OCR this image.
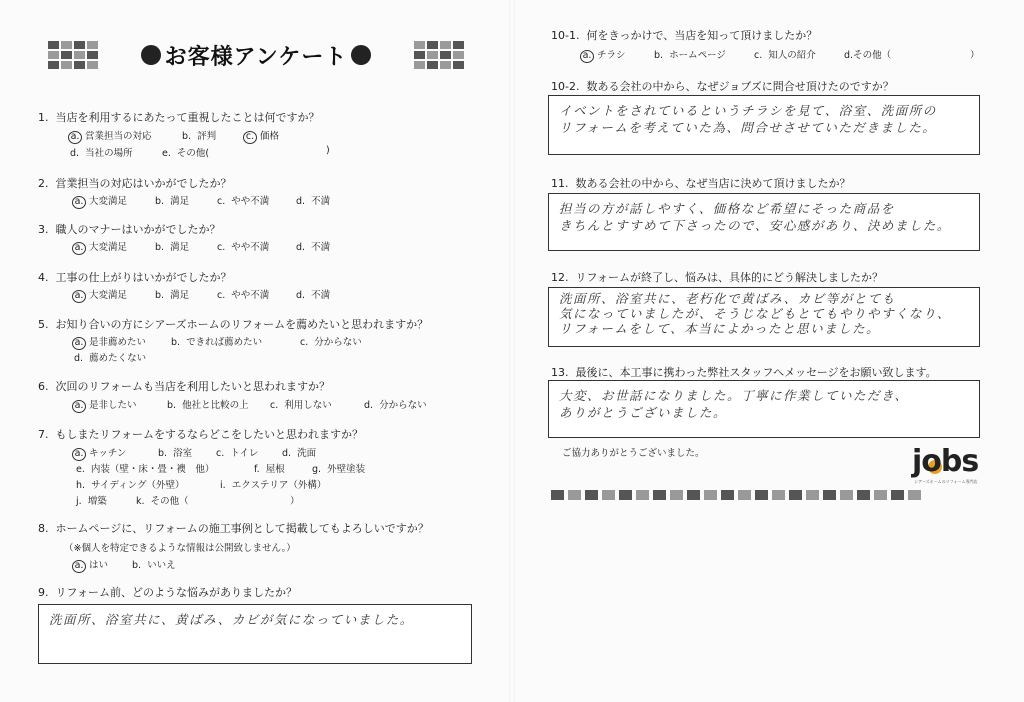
お客様アンケート
1. 当店を利用するにあたって重視したことは何ですか？
a. 営業担当の対応	b. 評判	c. 価格
d. 当社の場所	e. その他(	)
2. 営業担当の対応はいかがでしたか？
a. 大変満足	b. 満足	c. やや不満	d. 不満
3. 職人のマナーはいかがでしたか？
a. 大変満足	b. 満足	c. やや不満	d. 不満
4. 工事の仕上がりはいかがでしたか？
a. 大変満足	b. 満足	c. やや不満	d. 不満
5. お知り合いの方にシアーズホームのリフォームを薦めたいと思われますか？
a. 是非薦めたい	b. できれば薦めたい	c. 分からない
d. 薦めたくない
6. 次回のリフォームも当店を利用したいと思われますか？
a. 是非したい	b. 他社と比較の上 c. 利用しない	d. 分からない
7. もしまたリフォームをするならどこをしたいと思われますか？
a. キッチン	b. 浴室	c. トイレ d. 洗面
e. 内装（壁・床・畳・襖　他）	f. 屋根	g. 外壁塗装
h. サイディング（外壁）	i. エクステリア（外構）
j. 増築	k. その他（	）
8. ホームページに、リフォームの施工事例として掲載してもよろしいですか？
（※個人を特定できるような情報は公開致しません。）
a. はい	b. いいえ
9. リフォーム前、どのような悩みがありましたか？
洗面所、浴室共に、黄ばみ、カビが気になっていました。
10-1. 何をきっかけで、当店を知って頂けましたか？
a. チラシ	b. ホームページ	c. 知人の紹介	d.その他（	）
10-2. 数ある会社の中から、なぜジョブズに問合せ頂けたのですか？
イベントをされているというチラシを見て、浴室、洗面所の
リフォームを考えていた為、問合せさせていただきました。
11. 数ある会社の中から、なぜ当店に決めて頂けましたか？
担当の方が話しやすく、価格など希望にそった商品を
きちんとすすめて下さったので、安心感があり、決めました。
12. リフォームが終了し、悩みは、具体的にどう解決しましたか？
洗面所、浴室共に、老朽化で黄ばみ、カビ等がとても
気になっていましたが、そうじなどもとてもやりやすくなり、
リフォームをして、本当によかったと思いました。
13. 最後に、本工事に携わった弊社スタッフへメッセージをお願い致します。
大変、お世話になりました。丁寧に作業していただき、
ありがとうございました。
ご協力ありがとうございました。	jobs
シアーズホームのリフォーム専門店
